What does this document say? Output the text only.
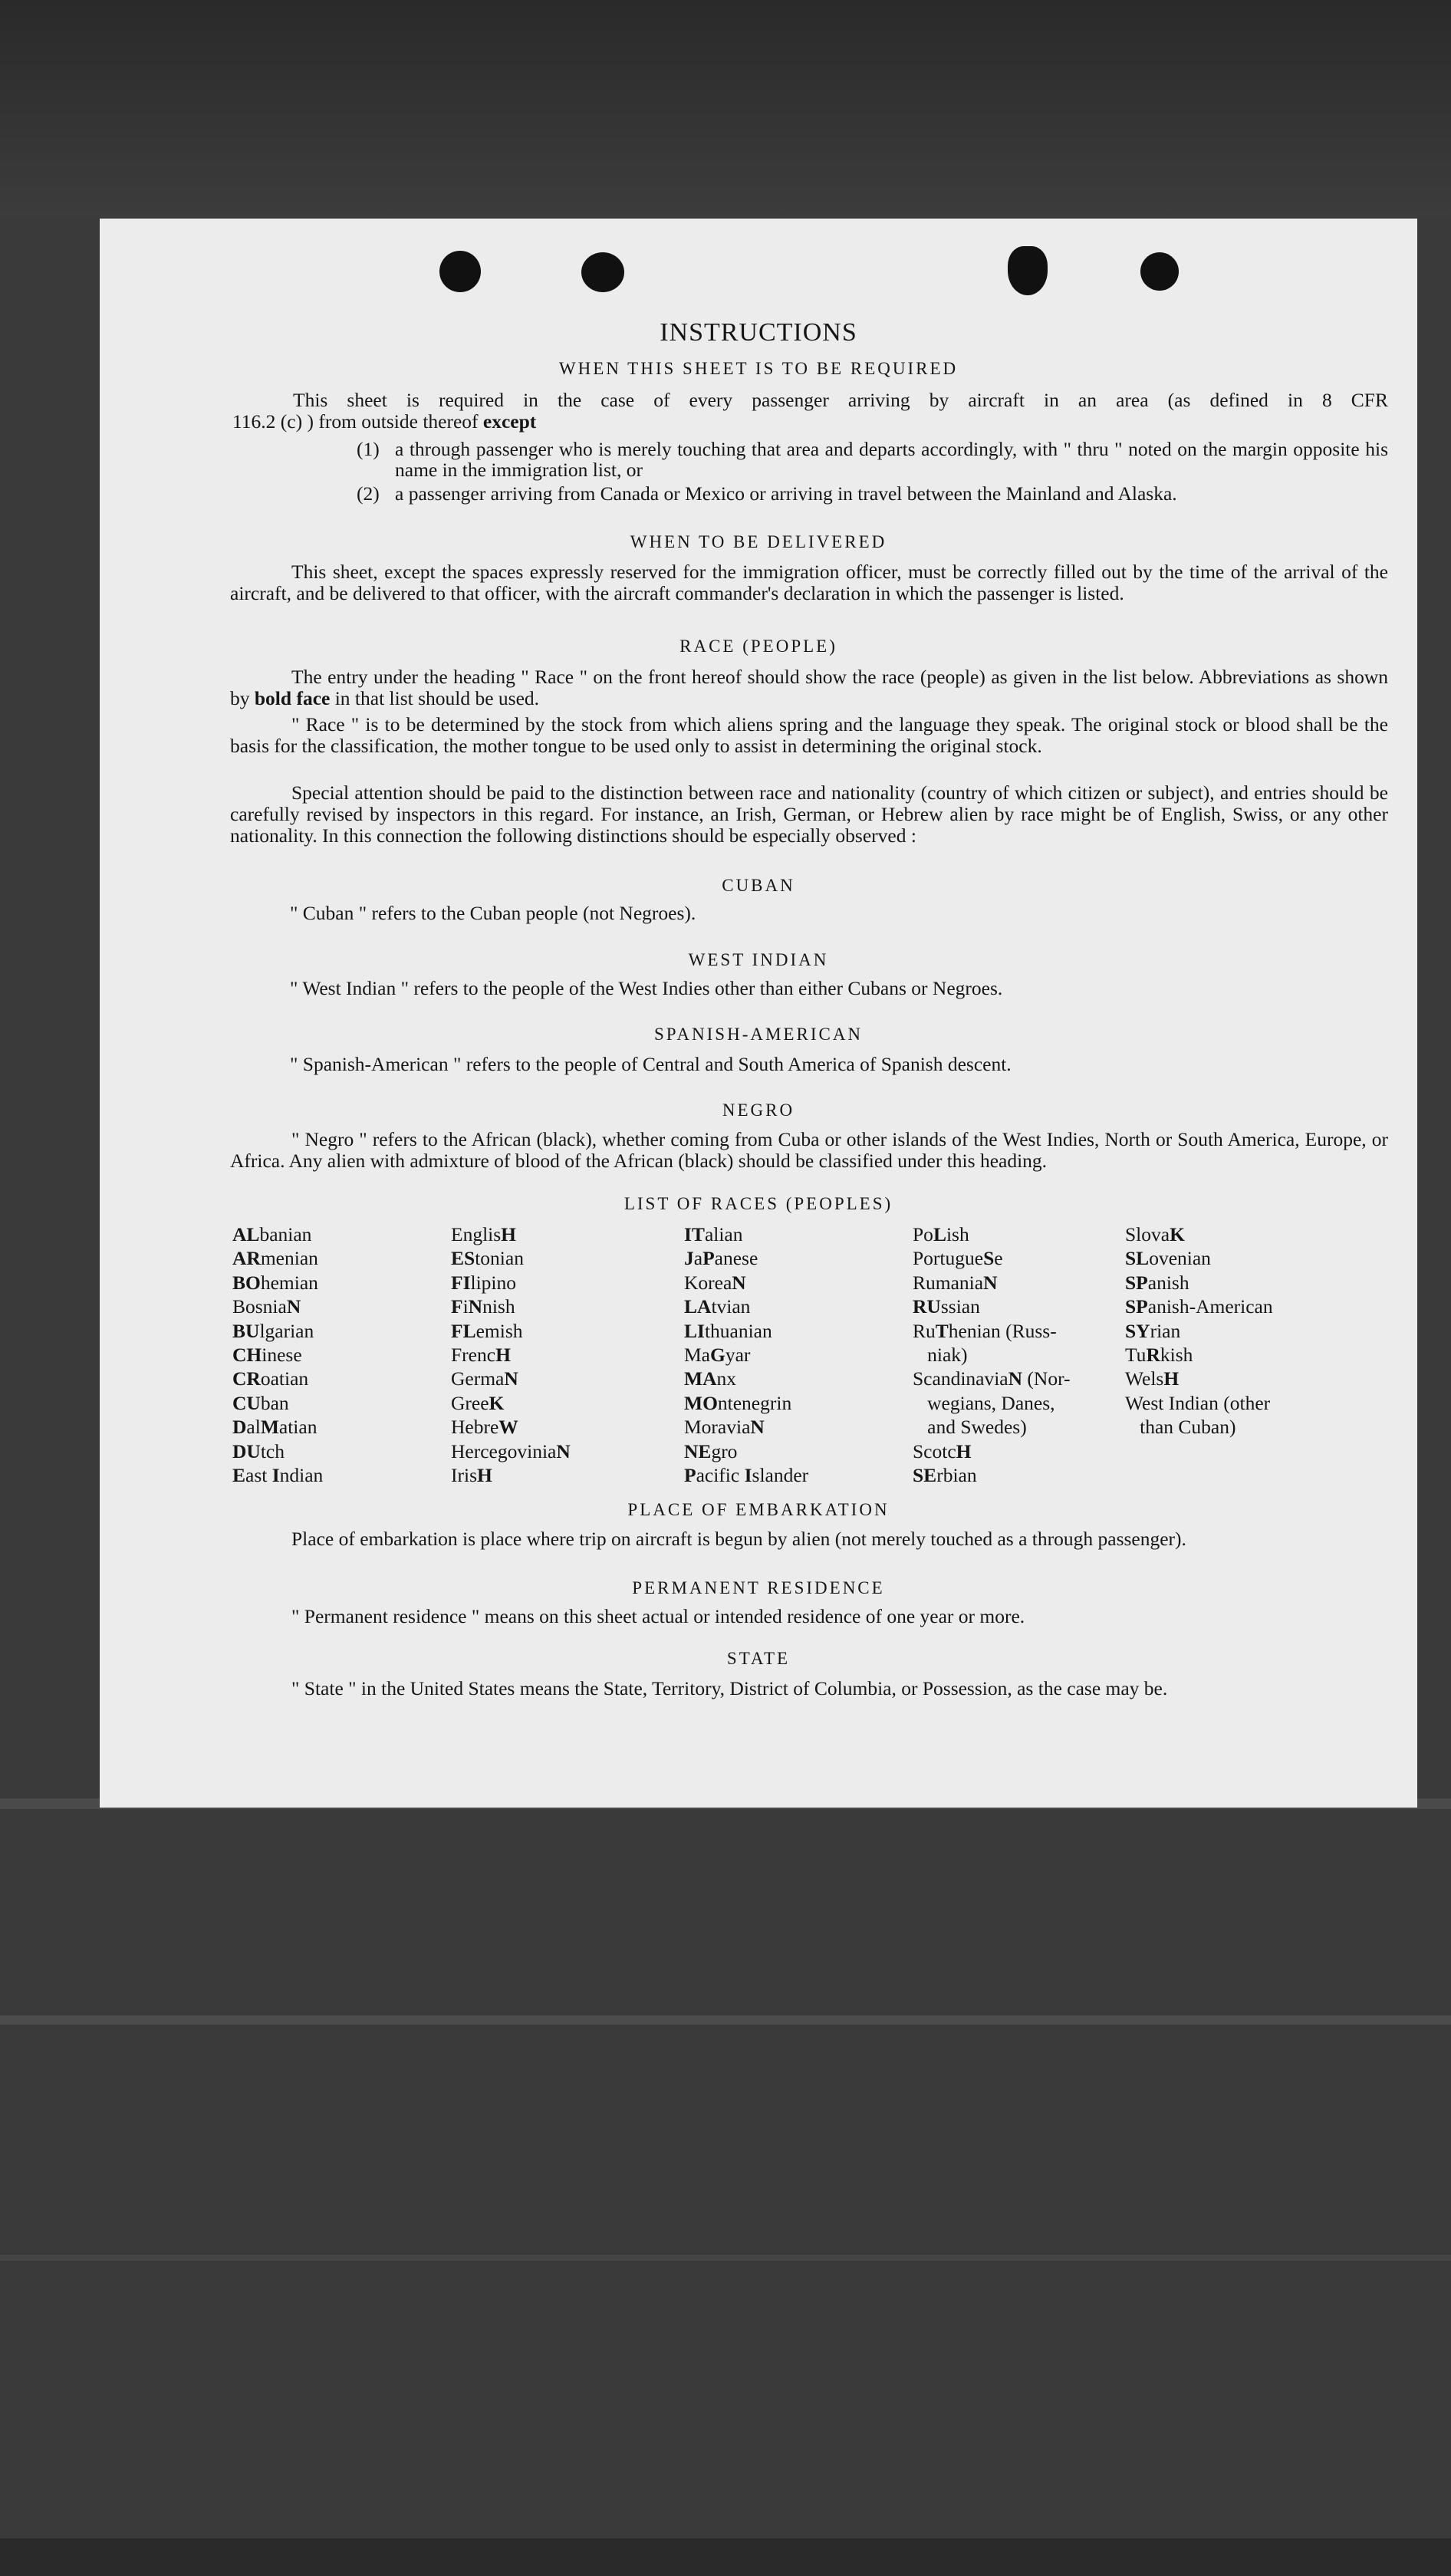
INSTRUCTIONS
WHEN THIS SHEET IS TO BE REQUIRED
This sheet is required in the case of every passenger arriving by aircraft in an area (as defined in 8 CFR
116.2 (c) ) from outside thereof except
(1) a through passenger who is merely touching that area and departs accordingly, with " thru " noted on the margin opposite his name in the immigration list, or
(2) a passenger arriving from Canada or Mexico or arriving in travel between the Mainland and Alaska.
WHEN TO BE DELIVERED
This sheet, except the spaces expressly reserved for the immigration officer, must be correctly filled out by the time of the arrival of the aircraft, and be delivered to that officer, with the aircraft commander's declaration in which the passenger is listed.
RACE (PEOPLE)
The entry under the heading " Race " on the front hereof should show the race (people) as given in the list below. Abbreviations as shown by bold face in that list should be used.
" Race " is to be determined by the stock from which aliens spring and the language they speak. The original stock or blood shall be the basis for the classification, the mother tongue to be used only to assist in determining the original stock.
Special attention should be paid to the distinction between race and nationality (country of which citizen or subject), and entries should be carefully revised by inspectors in this regard. For instance, an Irish, German, or Hebrew alien by race might be of English, Swiss, or any other nationality. In this connection the following distinctions should be especially observed :
CUBAN
" Cuban " refers to the Cuban people (not Negroes).
WEST INDIAN
" West Indian " refers to the people of the West Indies other than either Cubans or Negroes.
SPANISH-AMERICAN
" Spanish-American " refers to the people of Central and South America of Spanish descent.
NEGRO
" Negro " refers to the African (black), whether coming from Cuba or other islands of the West Indies, North or South America, Europe, or Africa. Any alien with admixture of blood of the African (black) should be classified under this heading.
LIST OF RACES (PEOPLES)
ALbanian
ARmenian
BOhemian
BosniaN
BUlgarian
CHinese
CRoatian
CUban
DalMatian
DUtch
East Indian
EnglisH
EStonian
FIlipino
FiNnish
FLemish
FrencH
GermaN
GreeK
HebreW
HercegoviniaN
IrisH
ITalian
JaPanese
KoreaN
LAtvian
LIthuanian
MaGyar
MAnx
MOntenegrin
MoraviaN
NEgro
Pacific Islander
PoLish
PortugueSe
RumaniaN
RUssian
RuThenian (Russ-
niak)
ScandinaviaN (Nor-
wegians, Danes,
and Swedes)
ScotcH
SErbian
SlovaK
SLovenian
SPanish
SPanish-American
SYrian
TuRkish
WelsH
West Indian (other
than Cuban)
PLACE OF EMBARKATION
Place of embarkation is place where trip on aircraft is begun by alien (not merely touched as a through passenger).
PERMANENT RESIDENCE
" Permanent residence " means on this sheet actual or intended residence of one year or more.
STATE
" State " in the United States means the State, Territory, District of Columbia, or Possession, as the case may be.
